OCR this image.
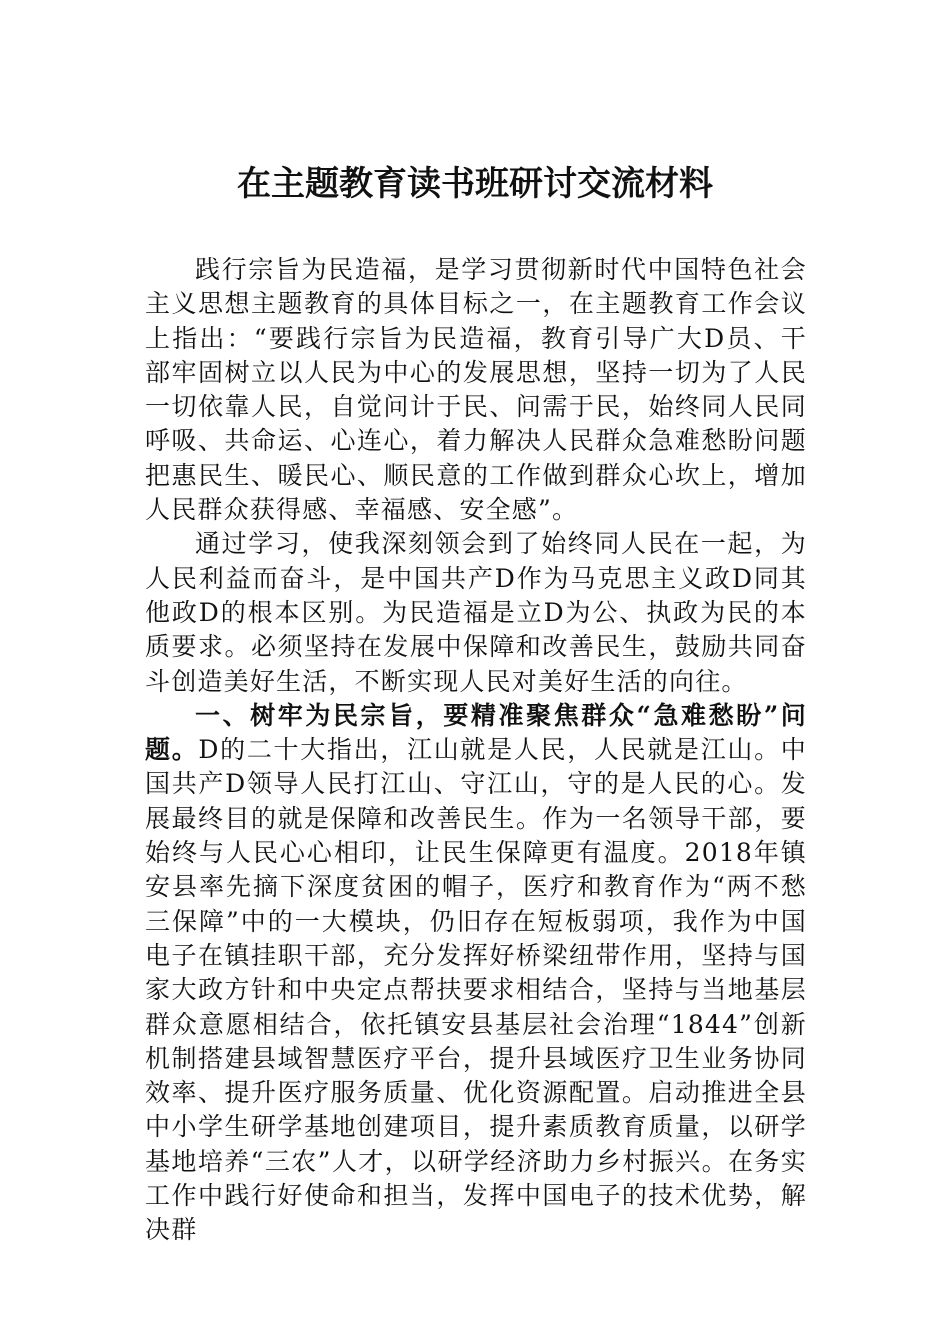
在主题教育读书班研讨交流材料

践行宗旨为民造福，是学习贯彻新时代中国特色社会主义思想主题教育的具体目标之一，在主题教育工作会议上指出：“要践行宗旨为民造福，教育引导广大D员、干部牢固树立以人民为中心的发展思想，坚持一切为了人民一切依靠人民，自觉问计于民、问需于民，始终同人民同呼吸、共命运、心连心，着力解决人民群众急难愁盼问题把惠民生、暖民心、顺民意的工作做到群众心坎上，增加人民群众获得感、幸福感、安全感”。

通过学习，使我深刻领会到了始终同人民在一起，为人民利益而奋斗，是中国共产D作为马克思主义政D同其他政D的根本区别。为民造福是立D为公、执政为民的本质要求。必须坚持在发展中保障和改善民生，鼓励共同奋斗创造美好生活，不断实现人民对美好生活的向往。

一、树牢为民宗旨，要精准聚焦群众“急难愁盼”问题。D的二十大指出，江山就是人民，人民就是江山。中国共产D领导人民打江山、守江山，守的是人民的心。发展最终目的就是保障和改善民生。作为一名领导干部，要始终与人民心心相印，让民生保障更有温度。2018年镇安县率先摘下深度贫困的帽子，医疗和教育作为“两不愁三保障”中的一大模块，仍旧存在短板弱项，我作为中国电子在镇挂职干部，充分发挥好桥梁纽带作用，坚持与国家大政方针和中央定点帮扶要求相结合，坚持与当地基层群众意愿相结合，依托镇安县基层社会治理“1844”创新机制搭建县域智慧医疗平台，提升县域医疗卫生业务协同效率、提升医疗服务质量、优化资源配置。启动推进全县中小学生研学基地创建项目，提升素质教育质量，以研学基地培养“三农”人才，以研学经济助力乡村振兴。在务实工作中践行好使命和担当，发挥中国电子的技术优势，解决群
